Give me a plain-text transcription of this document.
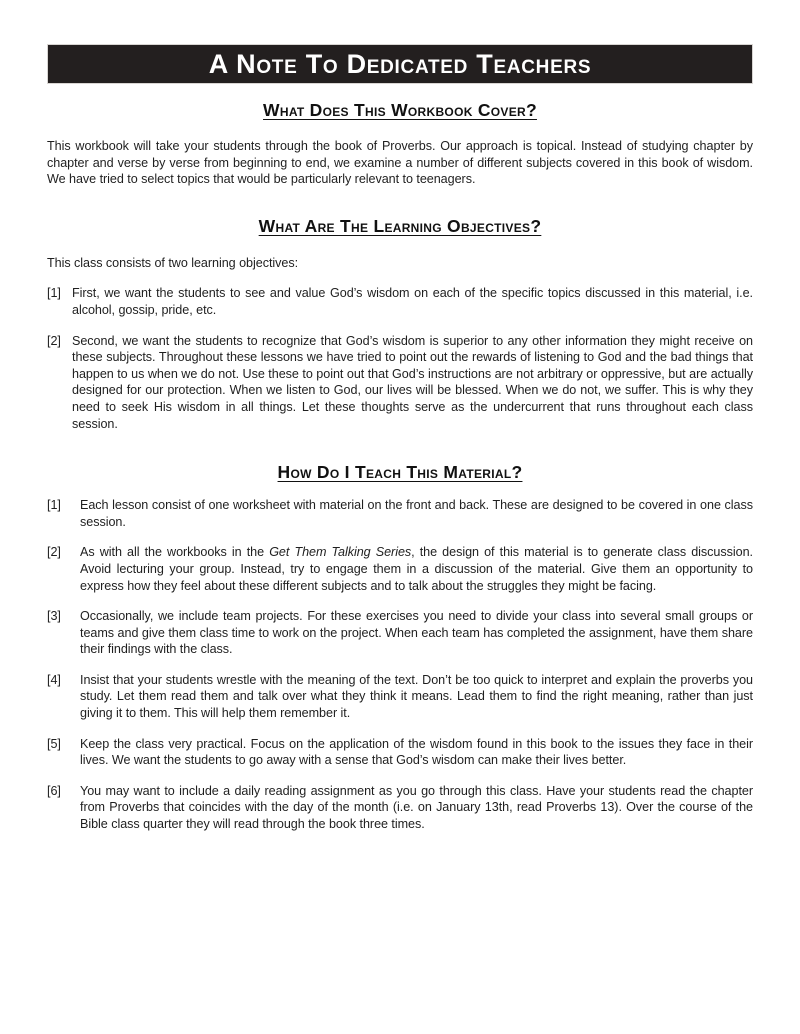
A Note To Dedicated Teachers
What Does This Workbook Cover?
This workbook will take your students through the book of Proverbs. Our approach is topical. Instead of studying chapter by chapter and verse by verse from beginning to end, we examine a number of different subjects covered in this book of wisdom. We have tried to select topics that would be particularly relevant to teenagers.
What Are The Learning Objectives?
This class consists of two learning objectives:
[1] First, we want the students to see and value God’s wisdom on each of the specific topics discussed in this material, i.e. alcohol, gossip, pride, etc.
[2] Second, we want the students to recognize that God’s wisdom is superior to any other information they might receive on these subjects. Throughout these lessons we have tried to point out the rewards of listening to God and the bad things that happen to us when we do not. Use these to point out that God’s instructions are not arbitrary or oppressive, but are actually designed for our protection. When we listen to God, our lives will be blessed. When we do not, we suffer. This is why they need to seek His wisdom in all things. Let these thoughts serve as the undercurrent that runs throughout each class session.
How Do I Teach This Material?
[1]	Each lesson consist of one worksheet with material on the front and back. These are designed to be covered in one class session.
[2]	As with all the workbooks in the Get Them Talking Series, the design of this material is to generate class discussion. Avoid lecturing your group. Instead, try to engage them in a discussion of the material. Give them an opportunity to express how they feel about these different subjects and to talk about the struggles they might be facing.
[3]	Occasionally, we include team projects. For these exercises you need to divide your class into several small groups or teams and give them class time to work on the project. When each team has completed the assignment, have them share their findings with the class.
[4]	Insist that your students wrestle with the meaning of the text. Don’t be too quick to interpret and explain the proverbs you study. Let them read them and talk over what they think it means. Lead them to find the right meaning, rather than just giving it to them. This will help them remember it.
[5]	Keep the class very practical. Focus on the application of the wisdom found in this book to the issues they face in their lives. We want the students to go away with a sense that God’s wisdom can make their lives better.
[6]	You may want to include a daily reading assignment as you go through this class. Have your students read the chapter from Proverbs that coincides with the day of the month (i.e. on January 13th, read Proverbs 13). Over the course of the Bible class quarter they will read through the book three times.
